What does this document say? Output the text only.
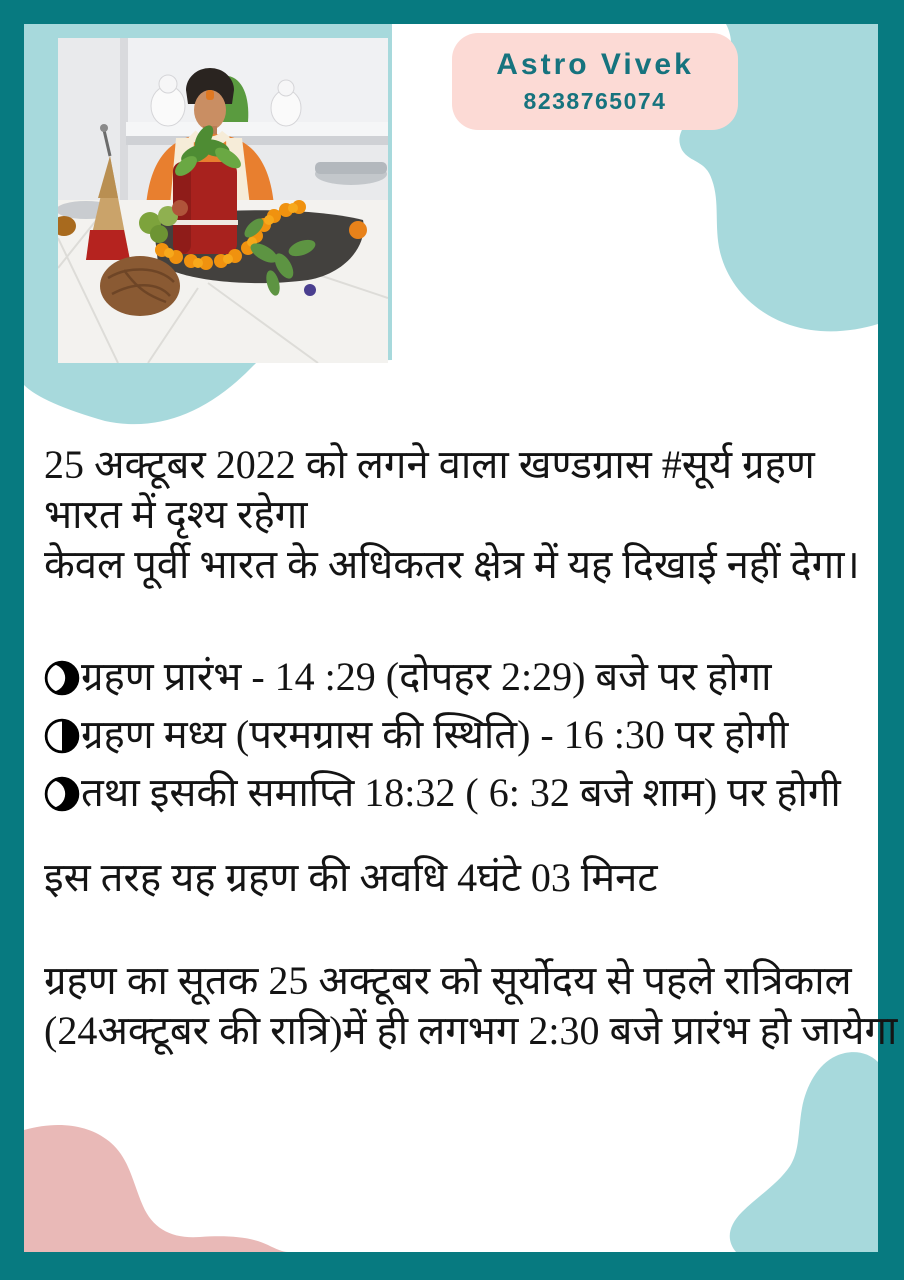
Astro Vivek
8238765074
25 अक्टूबर 2022 को लगने वाला खण्डग्रास #सूर्य ग्रहण
भारत में दृश्य रहेगा
केवल पूर्वी भारत के अधिकतर क्षेत्र में यह दिखाई नहीं देगा।
ग्रहण प्रारंभ - 14 :29 (दोपहर 2:29) बजे पर होगा
ग्रहण मध्य (परमग्रास की स्थिति) - 16 :30 पर होगी
तथा इसकी समाप्ति 18:32 ( 6: 32 बजे शाम) पर होगी
इस तरह यह ग्रहण की अवधि 4घंटे 03 मिनट
ग्रहण का सूतक 25 अक्टूबर को सूर्योदय से पहले रात्रिकाल
(24अक्टूबर की रात्रि)में ही लगभग 2:30 बजे प्रारंभ हो जायेगा
